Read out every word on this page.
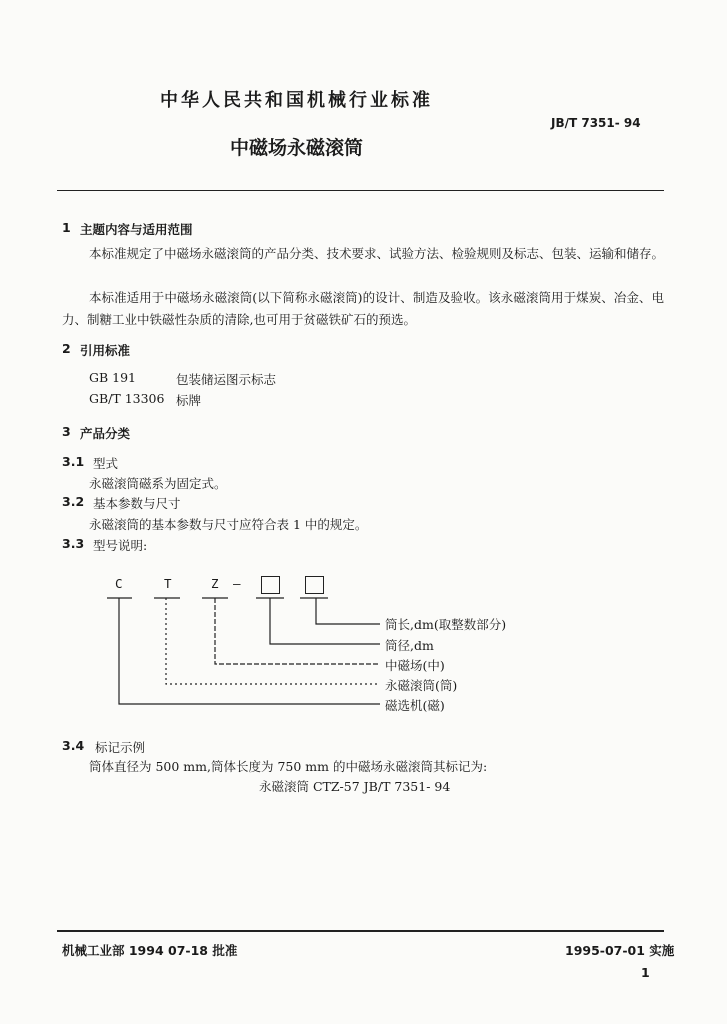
中华人民共和国机械行业标准
JB/T 7351- 94
中磁场永磁滚筒
1 主题内容与适用范围
本标准规定了中磁场永磁滚筒的产品分类、技术要求、试验方法、检验规则及标志、包装、运输和储存。
本标准适用于中磁场永磁滚筒(以下简称永磁滚筒)的设计、制造及验收。该永磁滚筒用于煤炭、冶金、电力、制糖工业中铁磁性杂质的清除,也可用于贫磁铁矿石的预选。
2 引用标准
GB 191	包装储运图示标志
GB/T 13306 标牌
3 产品分类
3.1 型式
永磁滚筒磁系为固定式。
3.2 基本参数与尺寸
永磁滚筒的基本参数与尺寸应符合表 1 中的规定。
3.3 型号说明:
C	T	Z —
筒长,dm(取整数部分)
筒径,dm
中磁场(中)
永磁滚筒(筒)
磁选机(磁)
3.4 标记示例
筒体直径为 500 mm,筒体长度为 750 mm 的中磁场永磁滚筒其标记为:
永磁滚筒 CTZ-57 JB/T 7351- 94
机械工业部 1994 07-18 批准	1995-07-01 实施
1
